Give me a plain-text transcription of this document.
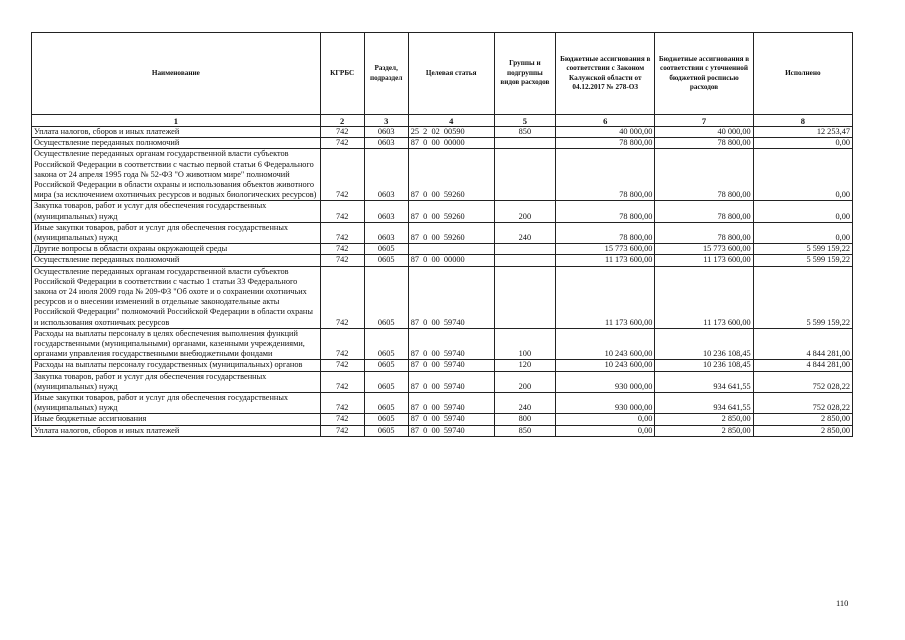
Наименование	КГРБС	Раздел, подраздел	Целевая статья	Группы и подгруппы видов расходов	Бюджетные ассигнования в соответствии с Законом Калужской области от 04.12.2017 № 278-ОЗ	Бюджетные ассигнования в соответствии с уточненной бюджетной росписью расходов	Исполнено
1	2	3	4	5	6	7	8
Уплата налогов, сборов и иных платежей	742	0603	25  2  02  00590	850	40 000,00	40 000,00	12 253,47
Осуществление переданных полномочий	742	0603	87  0  00  00000		78 800,00	78 800,00	0,00
Осуществление переданных органам государственной власти субъектов Российской Федерации в соответствии с частью первой статьи 6 Федерального закона от 24 апреля 1995 года № 52-ФЗ "О животном мире" полномочий Российской Федерации в области охраны и использования объектов животного мира (за исключением охотничьих ресурсов и водных биологических ресурсов)	742	0603	87  0  00  59260		78 800,00	78 800,00	0,00
Закупка товаров, работ и услуг для обеспечения государственных (муниципальных) нужд	742	0603	87  0  00  59260	200	78 800,00	78 800,00	0,00
Иные закупки товаров, работ и услуг для обеспечения государственных (муниципальных) нужд	742	0603	87  0  00  59260	240	78 800,00	78 800,00	0,00
Другие вопросы в области охраны окружающей среды	742	0605			15 773 600,00	15 773 600,00	5 599 159,22
Осуществление переданных полномочий	742	0605	87  0  00  00000		11 173 600,00	11 173 600,00	5 599 159,22
Осуществление переданных органам государственной власти субъектов Российской Федерации в соответствии с частью 1 статьи 33 Федерального закона от 24 июля 2009 года № 209-ФЗ "Об охоте и о сохранении охотничьих ресурсов и о внесении изменений в отдельные законодательные акты Российской Федерации" полномочий Российской Федерации в области охраны и использования охотничьих ресурсов	742	0605	87  0  00  59740		11 173 600,00	11 173 600,00	5 599 159,22
Расходы на выплаты персоналу в целях обеспечения выполнения функций государственными (муниципальными) органами, казенными учреждениями, органами управления государственными внебюджетными фондами	742	0605	87  0  00  59740	100	10 243 600,00	10 236 108,45	4 844 281,00
Расходы на выплаты персоналу государственных (муниципальных) органов	742	0605	87  0  00  59740	120	10 243 600,00	10 236 108,45	4 844 281,00
Закупка товаров, работ и услуг для обеспечения государственных (муниципальных) нужд	742	0605	87  0  00  59740	200	930 000,00	934 641,55	752 028,22
Иные закупки товаров, работ и услуг для обеспечения государственных (муниципальных) нужд	742	0605	87  0  00  59740	240	930 000,00	934 641,55	752 028,22
Иные бюджетные ассигнования	742	0605	87  0  00  59740	800	0,00	2 850,00	2 850,00
Уплата налогов, сборов и иных платежей	742	0605	87  0  00  59740	850	0,00	2 850,00	2 850,00
110
